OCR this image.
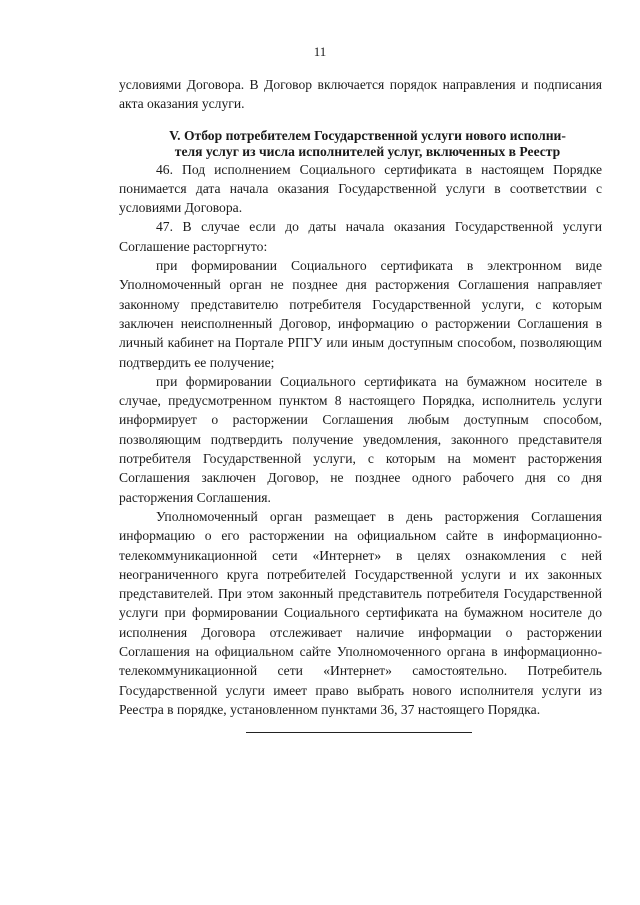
11

условиями Договора. В Договор включается порядок направления и подписания акта оказания услуги.

V. Отбор потребителем Государственной услуги нового исполни-
теля услуг из числа исполнителей услуг, включенных в Реестр

46. Под исполнением Социального сертификата в настоящем Порядке понимается дата начала оказания Государственной услуги в соответствии с условиями Договора.

47. В случае если до даты начала оказания Государственной услуги Соглашение расторгнуто:

при формировании Социального сертификата в электронном виде Уполномоченный орган не позднее дня расторжения Соглашения направляет законному представителю потребителя Государственной услуги, с которым заключен неисполненный Договор, информацию о расторжении Соглашения в личный кабинет на Портале РПГУ или иным доступным способом, позволяющим подтвердить ее получение;

при формировании Социального сертификата на бумажном носителе в случае, предусмотренном пунктом 8 настоящего Порядка, исполнитель услуги информирует о расторжении Соглашения любым доступным способом, позволяющим подтвердить получение уведомления, законного представителя потребителя Государственной услуги, с которым на момент расторжения Соглашения заключен Договор, не позднее одного рабочего дня со дня расторжения Соглашения.

Уполномоченный орган размещает в день расторжения Соглашения информацию о его расторжении на официальном сайте в информационно-телекоммуникационной сети «Интернет» в целях ознакомления с ней неограниченного круга потребителей Государственной услуги и их законных представителей. При этом законный представитель потребителя Государственной услуги при формировании Социального сертификата на бумажном носителе до исполнения Договора отслеживает наличие информации о расторжении Соглашения на официальном сайте Уполномоченного органа в информационно-телекоммуникационной сети «Интернет» самостоятельно. Потребитель Государственной услуги имеет право выбрать нового исполнителя услуги из Реестра в порядке, установленном пунктами 36, 37 настоящего Порядка.
